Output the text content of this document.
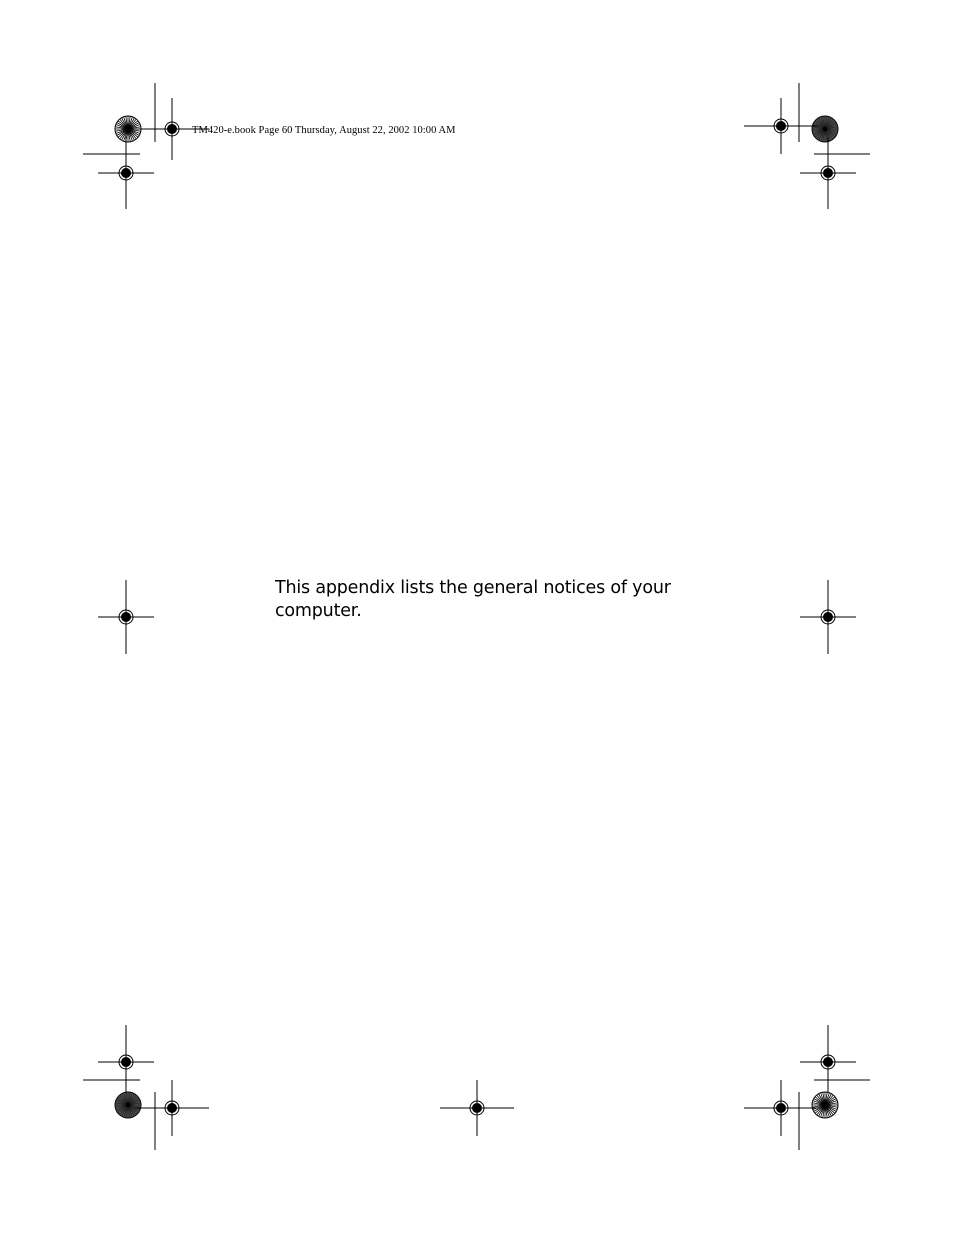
TM420-e.book Page 60 Thursday, August 22, 2002 10:00 AM

This appendix lists the general notices of your computer.
